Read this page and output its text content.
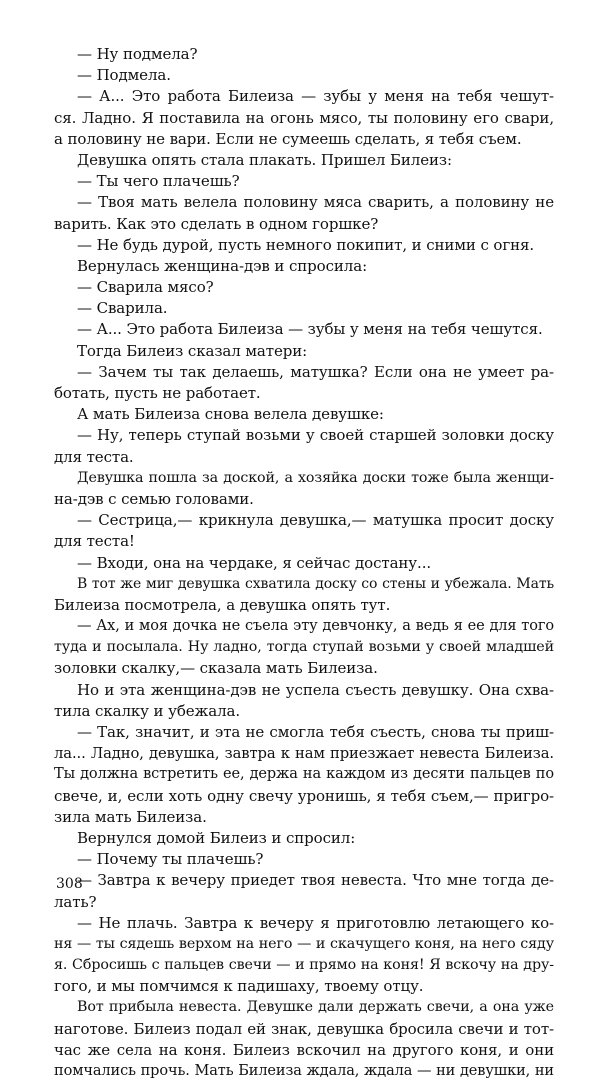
— Ну подмела?
— Подмела.
— А... Это работа Билеиза — зубы у меня на тебя чешут-
ся. Ладно. Я поставила на огонь мясо, ты половину его свари,
а половину не вари. Если не сумеешь сделать, я тебя съем.
Девушка опять стала плакать. Пришел Билеиз:
— Ты чего плачешь?
— Твоя мать велела половину мяса сварить, а половину не
варить. Как это сделать в одном горшке?
— Не будь дурой, пусть немного покипит, и сними с огня.
Вернулась женщина-дэв и спросила:
— Сварила мясо?
— Сварила.
— А... Это работа Билеиза — зубы у меня на тебя чешутся.
Тогда Билеиз сказал матери:
— Зачем ты так делаешь, матушка? Если она не умеет ра-
ботать, пусть не работает.
А мать Билеиза снова велела девушке:
— Ну, теперь ступай возьми у своей старшей золовки доску
для теста.
Девушка пошла за доской, а хозяйка доски тоже была женщи-
на-дэв с семью головами.
— Сестрица,— крикнула девушка,— матушка просит доску
для теста!
— Входи, она на чердаке, я сейчас достану...
В тот же миг девушка схватила доску со стены и убежала. Мать
Билеиза посмотрела, а девушка опять тут.
— Ах, и моя дочка не съела эту девчонку, а ведь я ее для того
туда и посылала. Ну ладно, тогда ступай возьми у своей младшей
золовки скалку,— сказала мать Билеиза.
Но и эта женщина-дэв не успела съесть девушку. Она схва-
тила скалку и убежала.
— Так, значит, и эта не смогла тебя съесть, снова ты приш-
ла... Ладно, девушка, завтра к нам приезжает невеста Билеиза.
Ты должна встретить ее, держа на каждом из десяти пальцев по
свече, и, если хоть одну свечу уронишь, я тебя съем,— пригро-
зила мать Билеиза.
Вернулся домой Билеиз и спросил:
— Почему ты плачешь?
— Завтра к вечеру приедет твоя невеста. Что мне тогда де-
лать?
— Не плачь. Завтра к вечеру я приготовлю летающего ко-
ня — ты сядешь верхом на него — и скачущего коня, на него сяду
я. Сбросишь с пальцев свечи — и прямо на коня! Я вскочу на дру-
гого, и мы помчимся к падишаху, твоему отцу.
Вот прибыла невеста. Девушке дали держать свечи, а она уже
наготове. Билеиз подал ей знак, девушка бросила свечи и тот-
час же села на коня. Билеиз вскочил на другого коня, и они
помчались прочь. Мать Билеиза ждала, ждала — ни девушки, ни
308
